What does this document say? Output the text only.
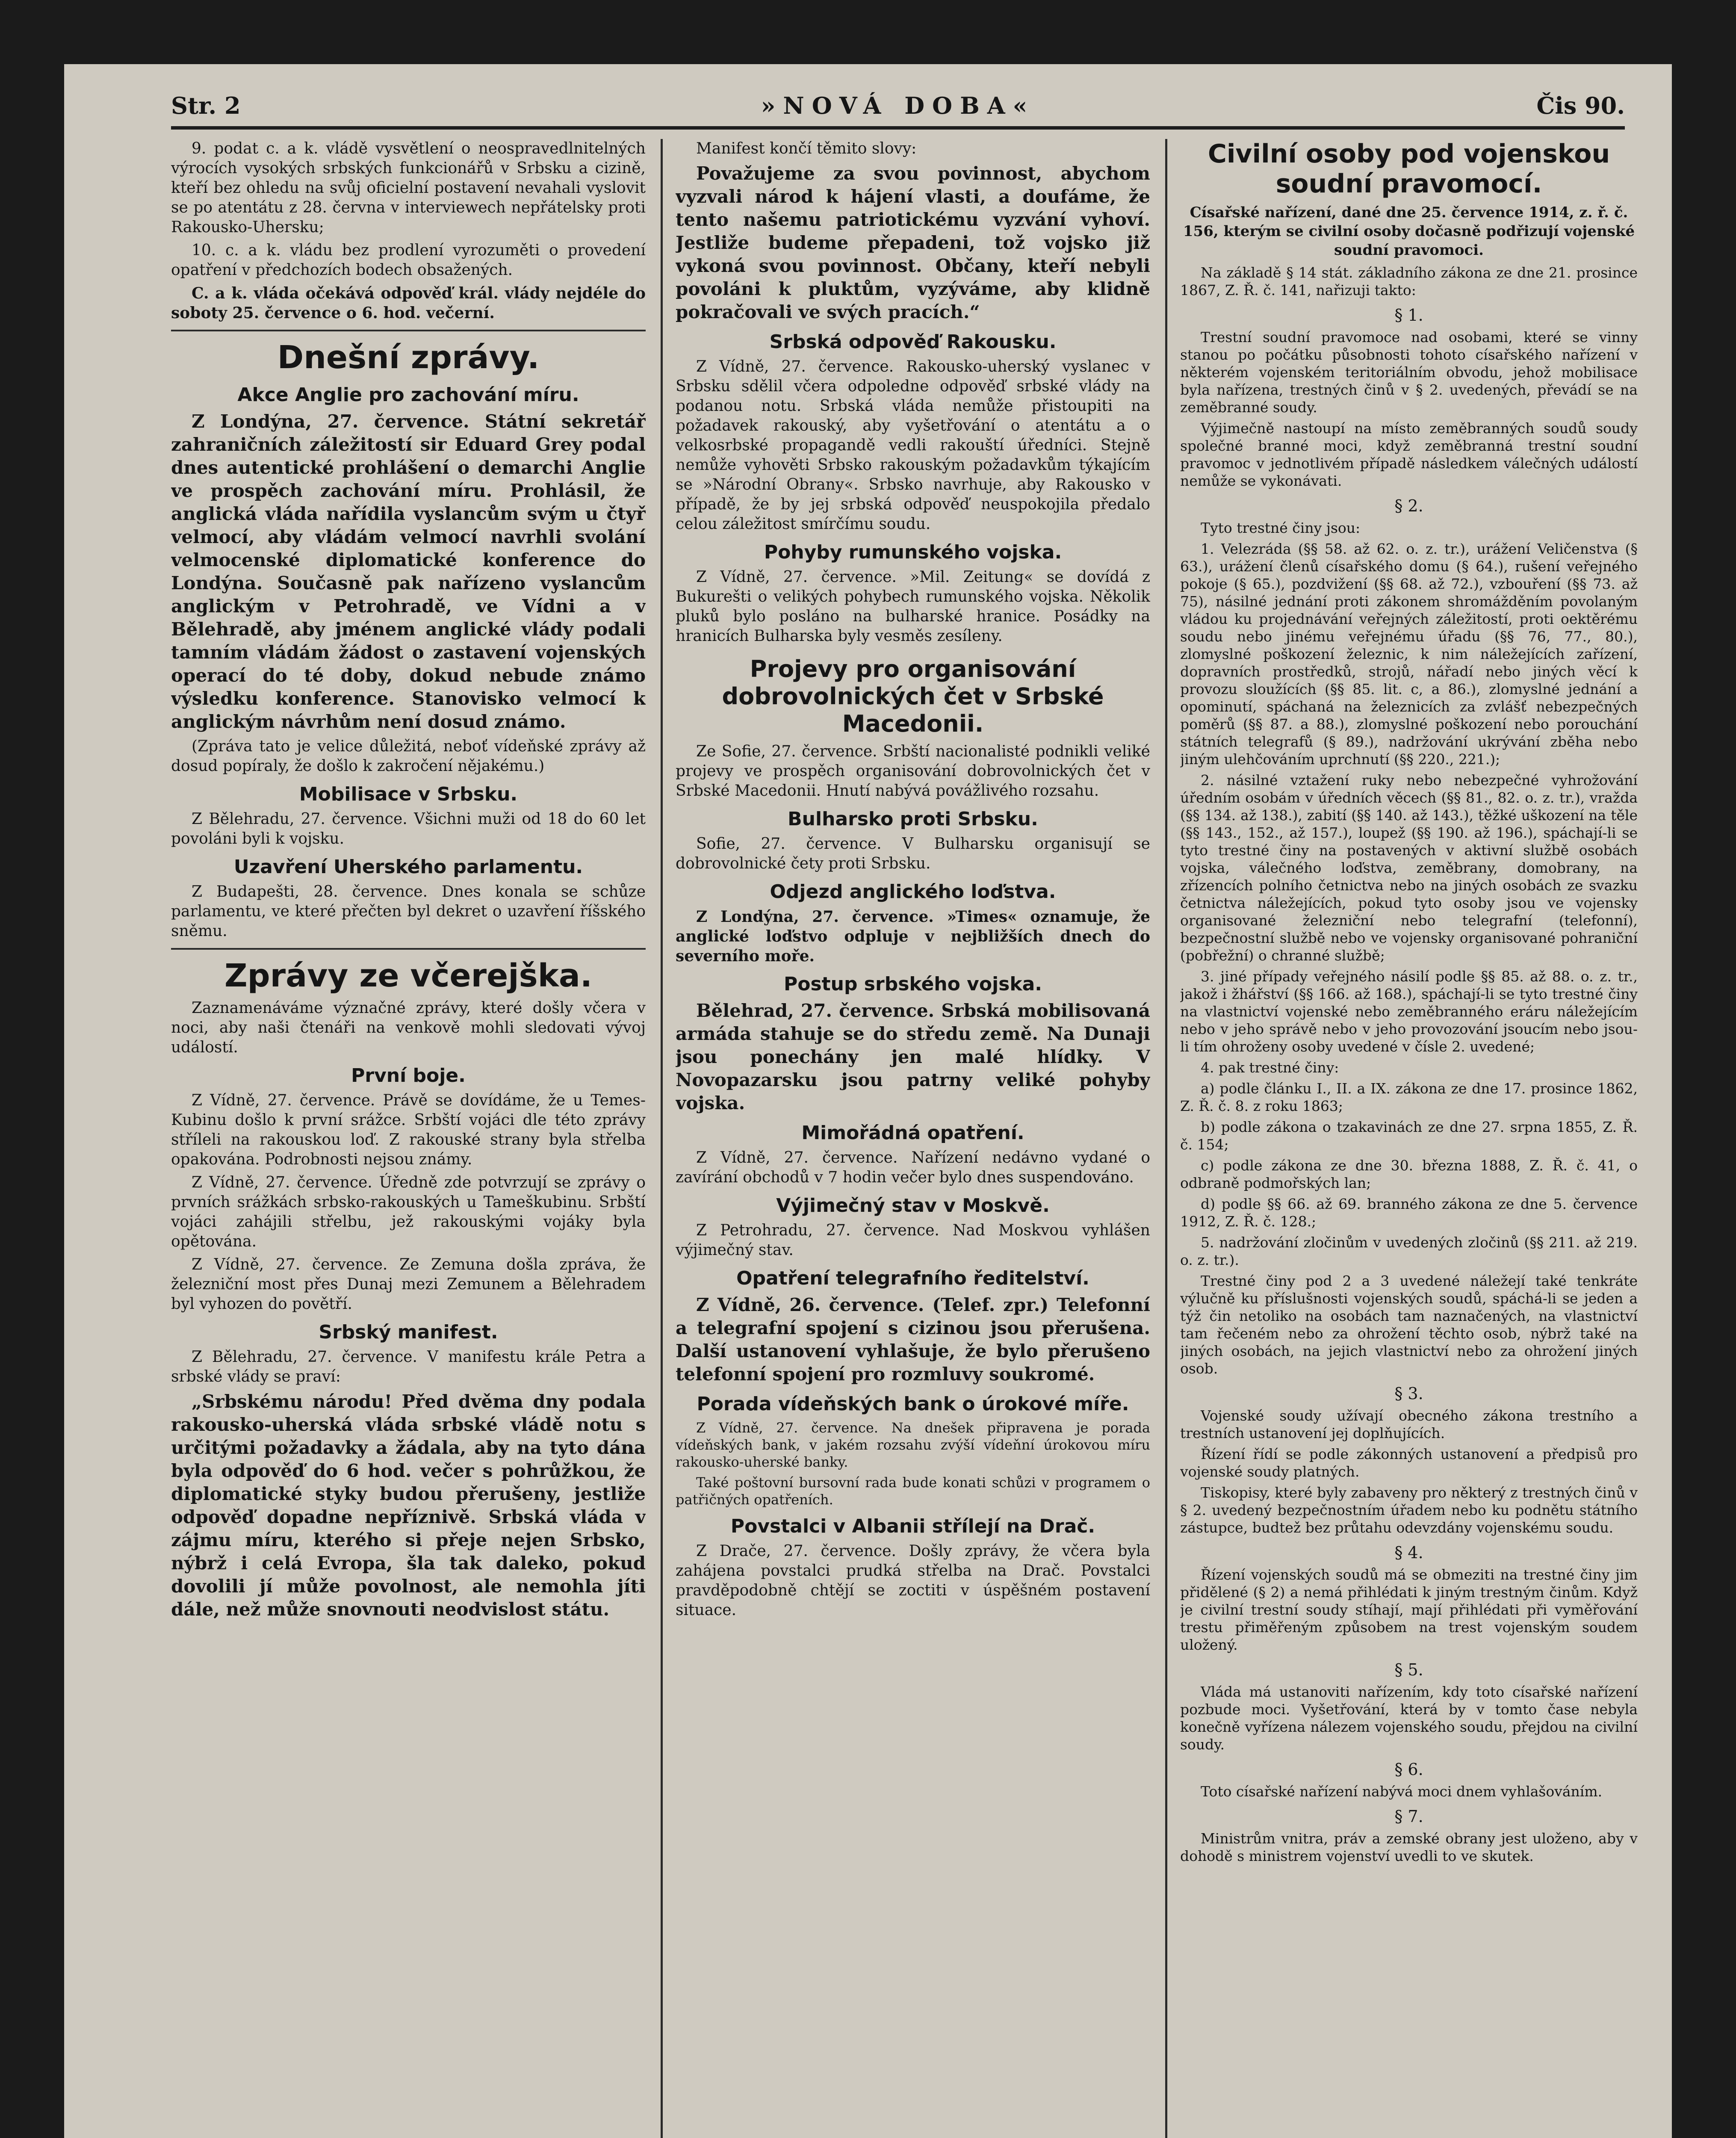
Str. 2	»NOVÁ DOBA«	Čis 90.

9. podat c. a k. vládě vysvětlení o neospravedlnitelných výrocích vysokých srbských funkcionářů v Srbsku a cizině, kteří bez ohledu na svůj oficielní postavení nevahali vyslovit se po atentátu z 28. června v interviewech nepřátelsky proti Rakousko-Uhersku;

10. c. a k. vládu bez prodlení vyrozuměti o provedení opatření v předchozích bodech obsažených.

C. a k. vláda očekává odpověď král. vlády nejdéle do soboty 25. července o 6. hod. večerní.

Dnešní zprávy.
Akce Anglie pro zachování míru.

Z Londýna, 27. července. Státní sekretář zahraničních záležitostí sir Eduard Grey podal dnes autentické prohlášení o demarchi Anglie ve prospěch zachování míru. Prohlásil, že anglická vláda nařídila vyslancům svým u čtyř velmocí, aby vládám velmocí navrhli svolání velmocenské diplomatické konference do Londýna. Současně pak nařízeno vyslancům anglickým v Petrohradě, ve Vídni a v Bělehradě, aby jménem anglické vlády podali tamním vládám žádost o zastavení vojenských operací do té doby, dokud nebude známo výsledku konference. Stanovisko velmocí k anglickým návrhům není dosud známo.

(Zpráva tato je velice důležitá, neboť vídeňské zprávy až dosud popíraly, že došlo k zakročení nějakému.)

Mobilisace v Srbsku.

Z Bělehradu, 27. července. Všichni muži od 18 do 60 let povoláni byli k vojsku.

Uzavření Uherského parlamentu.

Z Budapešti, 28. července. Dnes konala se schůze parlamentu, ve které přečten byl dekret o uzavření říšského sněmu.

Zprávy ze včerejška.

Zaznamenáváme význačné zprávy, které došly včera v noci, aby naši čtenáři na venkově mohli sledovati vývoj událostí.

První boje.

Z Vídně, 27. července. Právě se dovídáme, že u Temes-Kubinu došlo k první srážce. Srbští vojáci dle této zprávy stříleli na rakouskou loď. Z rakouské strany byla střelba opakována. Podrobnosti nejsou známy.

Z Vídně, 27. července. Úředně zde potvrzují se zprávy o prvních srážkách srbsko-rakouských u Tameškubinu. Srbští vojáci zahájili střelbu, jež rakouskými vojáky byla opětována.

Z Vídně, 27. července. Ze Zemuna došla zpráva, že železniční most přes Dunaj mezi Zemunem a Bělehradem byl vyhozen do povětří.

Srbský manifest.

Z Bělehradu, 27. července. V manifestu krále Petra a srbské vlády se praví:

„Srbskému národu! Před dvěma dny podala rakousko-uherská vláda srbské vládě notu s určitými požadavky a žádala, aby na tyto dána byla odpověď do 6 hod. večer s pohrůžkou, že diplomatické styky budou přerušeny, jestliže odpověď dopadne nepříznivě. Srbská vláda v zájmu míru, kterého si přeje nejen Srbsko, nýbrž i celá Evropa, šla tak daleko, pokud dovolili jí může povolnost, ale nemohla jíti dále, než může snovnouti neodvislost státu.

Manifest končí těmito slovy:

Považujeme za svou povinnost, abychom vyzvali národ k hájení vlasti, a doufáme, že tento našemu patriotickému vyzvání vyhoví. Jestliže budeme přepadeni, tož vojsko již vykoná svou povinnost. Občany, kteří nebyli povoláni k pluktům, vyzýváme, aby klidně pokračovali ve svých pracích.“

Srbská odpověď Rakousku.

Z Vídně, 27. července. Rakousko-uherský vyslanec v Srbsku sdělil včera odpoledne odpověď srbské vlády na podanou notu. Srbská vláda nemůže přistoupiti na požadavek rakouský, aby vyšetřování o atentátu a o velkosrbské propagandě vedli rakouští úředníci. Stejně nemůže vyhověti Srbsko rakouským požadavkům týkajícím se »Národní Obrany«. Srbsko navrhuje, aby Rakousko v případě, že by jej srbská odpověď neuspokojila předalo celou záležitost smírčímu soudu.

Pohyby rumunského vojska.

Z Vídně, 27. července. »Mil. Zeitung« se dovídá z Bukurešti o velikých pohybech rumunského vojska. Několik pluků bylo posláno na bulharské hranice. Posádky na hranicích Bulharska byly vesměs zesíleny.

Projevy pro organisování dobrovolnických čet v Srbské Macedonii.

Ze Sofie, 27. července. Srbští nacionalisté podnikli veliké projevy ve prospěch organisování dobrovolnických čet v Srbské Macedonii. Hnutí nabývá povážlivého rozsahu.

Bulharsko proti Srbsku.

Sofie, 27. července. V Bulharsku organisují se dobrovolnické čety proti Srbsku.

Odjezd anglického loďstva.

Z Londýna, 27. července. »Times« oznamuje, že anglické loďstvo odpluje v nejbližších dnech do severního moře.

Postup srbského vojska.

Bělehrad, 27. července. Srbská mobilisovaná armáda stahuje se do středu země. Na Dunaji jsou ponechány jen malé hlídky. V Novopazarsku jsou patrny veliké pohyby vojska.

Mimořádná opatření.

Z Vídně, 27. července. Nařízení nedávno vydané o zavírání obchodů v 7 hodin večer bylo dnes suspendováno.

Výjimečný stav v Moskvě.

Z Petrohradu, 27. července. Nad Moskvou vyhlášen výjimečný stav.

Opatření telegrafního ředitelství.

Z Vídně, 26. července. (Telef. zpr.) Telefonní a telegrafní spojení s cizinou jsou přerušena. Další ustanovení vyhlašuje, že bylo přerušeno telefonní spojení pro rozmluvy soukromé.

Porada vídeňských bank o úrokové míře.

Z Vídně, 27. července. Na dnešek připravena je porada vídeňských bank, v jakém rozsahu zvýší vídeňní úrokovou míru rakousko-uherské banky.

Také poštovní bursovní rada bude konati schůzi v programem o patřičných opatřeních.

Povstalci v Albanii střílejí na Drač.

Z Drače, 27. července. Došly zprávy, že včera byla zahájena povstalci prudká střelba na Drač. Povstalci pravděpodobně chtějí se zoctiti v úspěšném postavení situace.

Civilní osoby pod vojenskou soudní pravomocí.

Císařské nařízení, dané dne 25. července 1914, z. ř. č. 156, kterým se civilní osoby dočasně podřizují vojenské soudní pravomoci.

Na základě § 14 stát. základního zákona ze dne 21. prosince 1867, Z. Ř. č. 141, nařizuji takto:

§ 1.

Trestní soudní pravomoce nad osobami, které se vinny stanou po počátku působnosti tohoto císařského nařízení v některém vojenském teritoriálním obvodu, jehož mobilisace byla nařízena, trestných činů v § 2. uvedených, převádí se na zeměbranné soudy.

Výjimečně nastoupí na místo zeměbranných soudů soudy společné branné moci, když zeměbranná trestní soudní pravomoc v jednotlivém případě následkem válečných událostí nemůže se vykonávati.

§ 2.

Tyto trestné činy jsou:

1. Velezráda (§§ 58. až 62. o. z. tr.), urážení Veličenstva (§ 63.), urážení členů císařského domu (§ 64.), rušení veřejného pokoje (§ 65.), pozdvižení (§§ 68. až 72.), vzbouření (§§ 73. až 75), násilné jednání proti zákonem shromážděním povolaným vládou ku projednávání veřejných záležitostí, proti oektěrému soudu nebo jinému veřejnému úřadu (§§ 76, 77., 80.), zlomyslné poškození železnic, k nim náležejících zařízení, dopravních prostředků, strojů, nářadí nebo jiných věcí k provozu sloužících (§§ 85. lit. c, a 86.), zlomyslné jednání a opominutí, spáchaná na železnicích za zvlášť nebezpečných poměrů (§§ 87. a 88.), zlomyslné poškození nebo porouchání státních telegrafů (§ 89.), nadržování ukrývání zběha nebo jiným ulehčováním uprchnutí (§§ 220., 221.);

2. násilné vztažení ruky nebo nebezpečné vyhrožování úředním osobám v úředních věcech (§§ 81., 82. o. z. tr.), vražda (§§ 134. až 138.), zabití (§§ 140. až 143.), těžké uškození na těle (§§ 143., 152., až 157.), loupež (§§ 190. až 196.), spáchají-li se tyto trestné činy na postavených v aktivní službě osobách vojska, válečného loďstva, zeměbrany, domobrany, na zřízencích polního četnictva nebo na jiných osobách ze svazku četnictva náležejících, pokud tyto osoby jsou ve vojensky organisované železniční nebo telegrafní (telefonní), bezpečnostní službě nebo ve vojensky organisované pohraniční (pobřežní) o chranné službě;

3. jiné případy veřejného násilí podle §§ 85. až 88. o. z. tr., jakož i žhářství (§§ 166. až 168.), spáchají-li se tyto trestné činy na vlastnictví vojenské nebo zeměbranného eráru náležejícím nebo v jeho správě nebo v jeho provozování jsoucím nebo jsou-li tím ohroženy osoby uvedené v čísle 2. uvedené;

4. pak trestné činy:

a) podle článku I., II. a IX. zákona ze dne 17. prosince 1862, Z. Ř. č. 8. z roku 1863;

b) podle zákona o tzakavinách ze dne 27. srpna 1855, Z. Ř. č. 154;

c) podle zákona ze dne 30. března 1888, Z. Ř. č. 41, o odbraně podmořských lan;

d) podle §§ 66. až 69. branného zákona ze dne 5. července 1912, Z. Ř. č. 128.;

5. nadržování zločinům v uvedených zločinů (§§ 211. až 219. o. z. tr.).

Trestné činy pod 2 a 3 uvedené náležejí také tenkráte výlučně ku příslušnosti vojenských soudů, spáchá-li se jeden a týž čin netoliko na osobách tam naznačených, na vlastnictví tam řečeném nebo za ohrožení těchto osob, nýbrž také na jiných osobách, na jejich vlastnictví nebo za ohrožení jiných osob.

§ 3.

Vojenské soudy užívají obecného zákona trestního a trestních ustanovení jej doplňujících.

Řízení řídí se podle zákonných ustanovení a předpisů pro vojenské soudy platných.

Tiskopisy, které byly zabaveny pro některý z trestných činů v § 2. uvedený bezpečnostním úřadem nebo ku podnětu státního zástupce, budtež bez průtahu odevzdány vojenskému soudu.

§ 4.

Řízení vojenských soudů má se obmeziti na trestné činy jim přidělené (§ 2) a nemá přihlédati k jiným trestným činům. Když je civilní trestní soudy stíhají, mají přihlédati při vyměřování trestu přiměřeným způsobem na trest vojenským soudem uložený.

§ 5.

Vláda má ustanoviti nařízením, kdy toto císařské nařízení pozbude moci. Vyšetřování, která by v tomto čase nebyla konečně vyřízena nálezem vojenského soudu, přejdou na civilní soudy.

§ 6.

Toto císařské nařízení nabývá moci dnem vyhlašováním.

§ 7.

Ministrům vnitra, práv a zemské obrany jest uloženo, aby v dohodě s ministrem vojenství uvedli to ve skutek.
